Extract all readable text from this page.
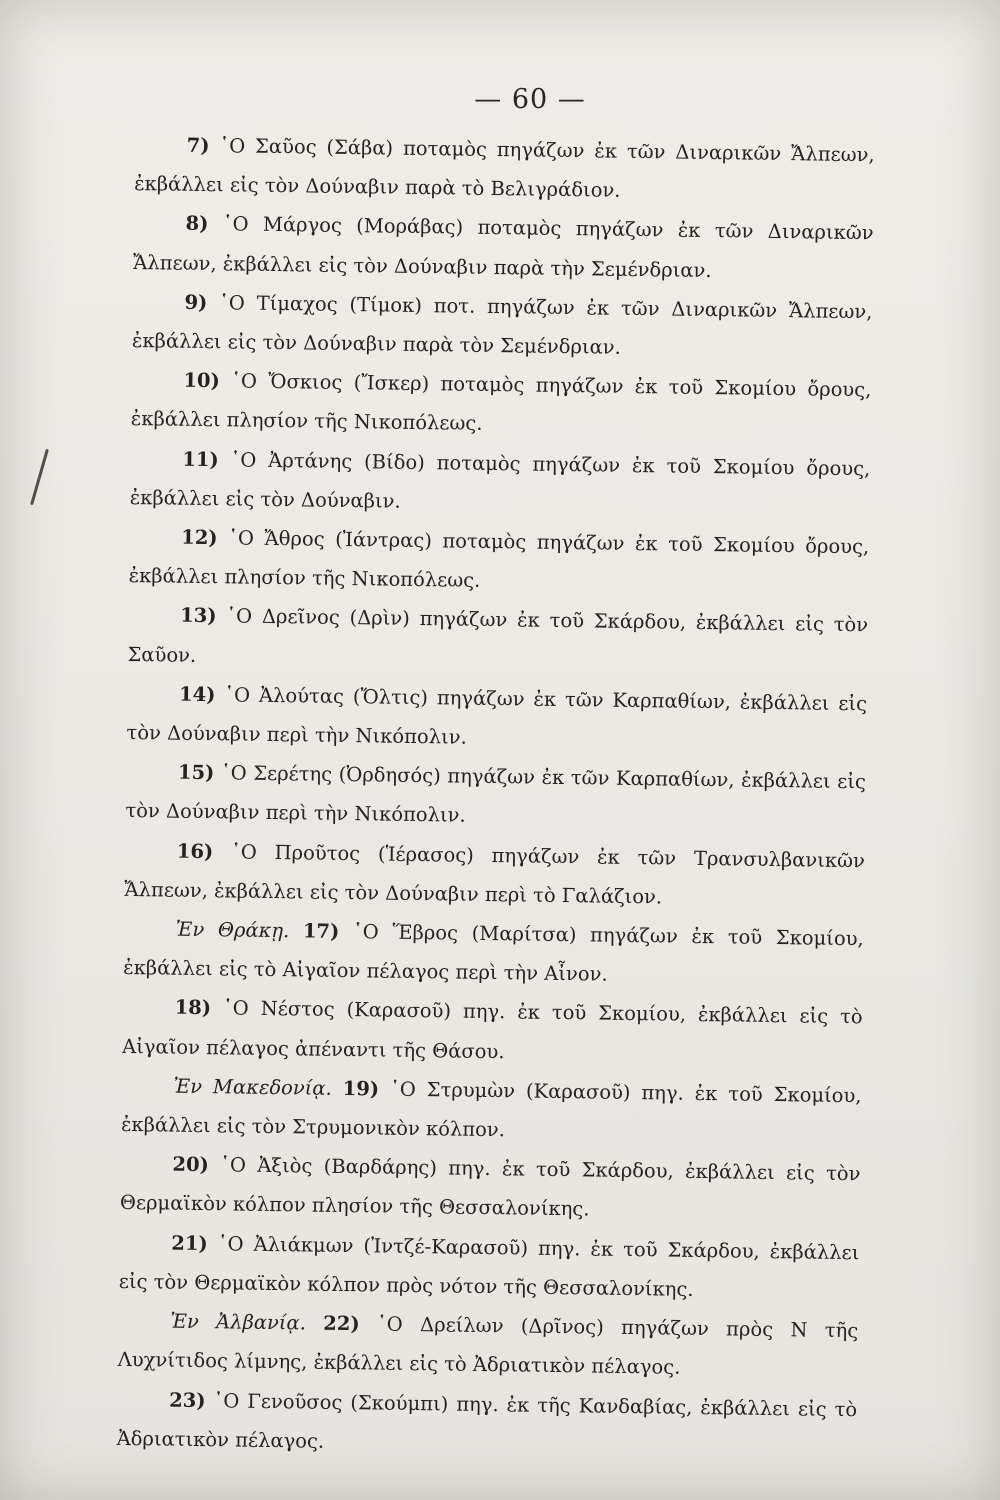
— 60 —

7) ῾Ο Σαῦος (Σάβα) ποταμὸς πηγάζων ἐκ τῶν Διναρικῶν Ἄλπεων, ἐκβάλλει εἰς τὸν Δούναβιν παρὰ τὸ Βελιγράδιον.

8) ῾Ο Μάργος (Μοράβας) ποταμὸς πηγάζων ἐκ τῶν Διναρικῶν Ἄλπεων, ἐκβάλλει εἰς τὸν Δούναβιν παρὰ τὴν Σεμένδριαν.

9) ῾Ο Τίμαχος (Τίμοκ) ποτ. πηγάζων ἐκ τῶν Διναρικῶν Ἄλπεων, ἐκβάλλει εἰς τὸν Δούναβιν παρὰ τὸν Σεμένδριαν.

10) ῾Ο Ὄσκιος (Ἴσκερ) ποταμὸς πηγάζων ἐκ τοῦ Σκομίου ὄρους, ἐκβάλλει πλησίον τῆς Νικοπόλεως.

11) ῾Ο Ἀρτάνης (Βίδο) ποταμὸς πηγάζων ἐκ τοῦ Σκομίου ὄρους, ἐκβάλλει εἰς τὸν Δούναβιν.

12) ῾Ο Ἄθρος (Ἰάντρας) ποταμὸς πηγάζων ἐκ τοῦ Σκομίου ὄρους, ἐκβάλλει πλησίον τῆς Νικοπόλεως.

13) ῾Ο Δρεῖνος (Δρὶν) πηγάζων ἐκ τοῦ Σκάρδου, ἐκβάλλει εἰς τὸν Σαῦον.

14) ῾Ο Ἀλούτας (Ὄλτις) πηγάζων ἐκ τῶν Καρπαθίων, ἐκβάλλει εἰς τὸν Δούναβιν περὶ τὴν Νικόπολιν.

15) ῾Ο Σερέτης (Ὀρδησός) πηγάζων ἐκ τῶν Καρπαθίων, ἐκβάλλει εἰς τὸν Δούναβιν περὶ τὴν Νικόπολιν.

16) ῾Ο Προῦτος (Ἱέρασος) πηγάζων ἐκ τῶν Τρανσυλβανικῶν Ἄλπεων, ἐκβάλλει εἰς τὸν Δούναβιν περὶ τὸ Γαλάζιον.

Ἐν Θράκῃ. 17) ῾Ο Ἕβρος (Μαρίτσα) πηγάζων ἐκ τοῦ Σκομίου, ἐκβάλλει εἰς τὸ Αἰγαῖον πέλαγος περὶ τὴν Αἶνον.

18) ῾Ο Νέστος (Καρασοῦ) πηγ. ἐκ τοῦ Σκομίου, ἐκβάλλει εἰς τὸ Αἰγαῖον πέλαγος ἀπέναντι τῆς Θάσου.

Ἐν Μακεδονίᾳ. 19) ῾Ο Στρυμὼν (Καρασοῦ) πηγ. ἐκ τοῦ Σκομίου, ἐκβάλλει εἰς τὸν Στρυμονικὸν κόλπον.

20) ῾Ο Ἀξιὸς (Βαρδάρης) πηγ. ἐκ τοῦ Σκάρδου, ἐκβάλλει εἰς τὸν Θερμαϊκὸν κόλπον πλησίον τῆς Θεσσαλονίκης.

21) ῾Ο Ἀλιάκμων (Ἰντζέ-Καρασοῦ) πηγ. ἐκ τοῦ Σκάρδου, ἐκβάλλει εἰς τὸν Θερμαϊκὸν κόλπον πρὸς νότον τῆς Θεσσαλονίκης.

Ἐν Ἀλβανίᾳ. 22) ῾Ο Δρείλων (Δρῖνος) πηγάζων πρὸς Ν τῆς Λυχνίτιδος λίμνης, ἐκβάλλει εἰς τὸ Ἀδριατικὸν πέλαγος.

23) ῾Ο Γενοῦσος (Σκούμπι) πηγ. ἐκ τῆς Κανδαβίας, ἐκβάλλει εἰς τὸ Ἀδριατικὸν πέλαγος.
